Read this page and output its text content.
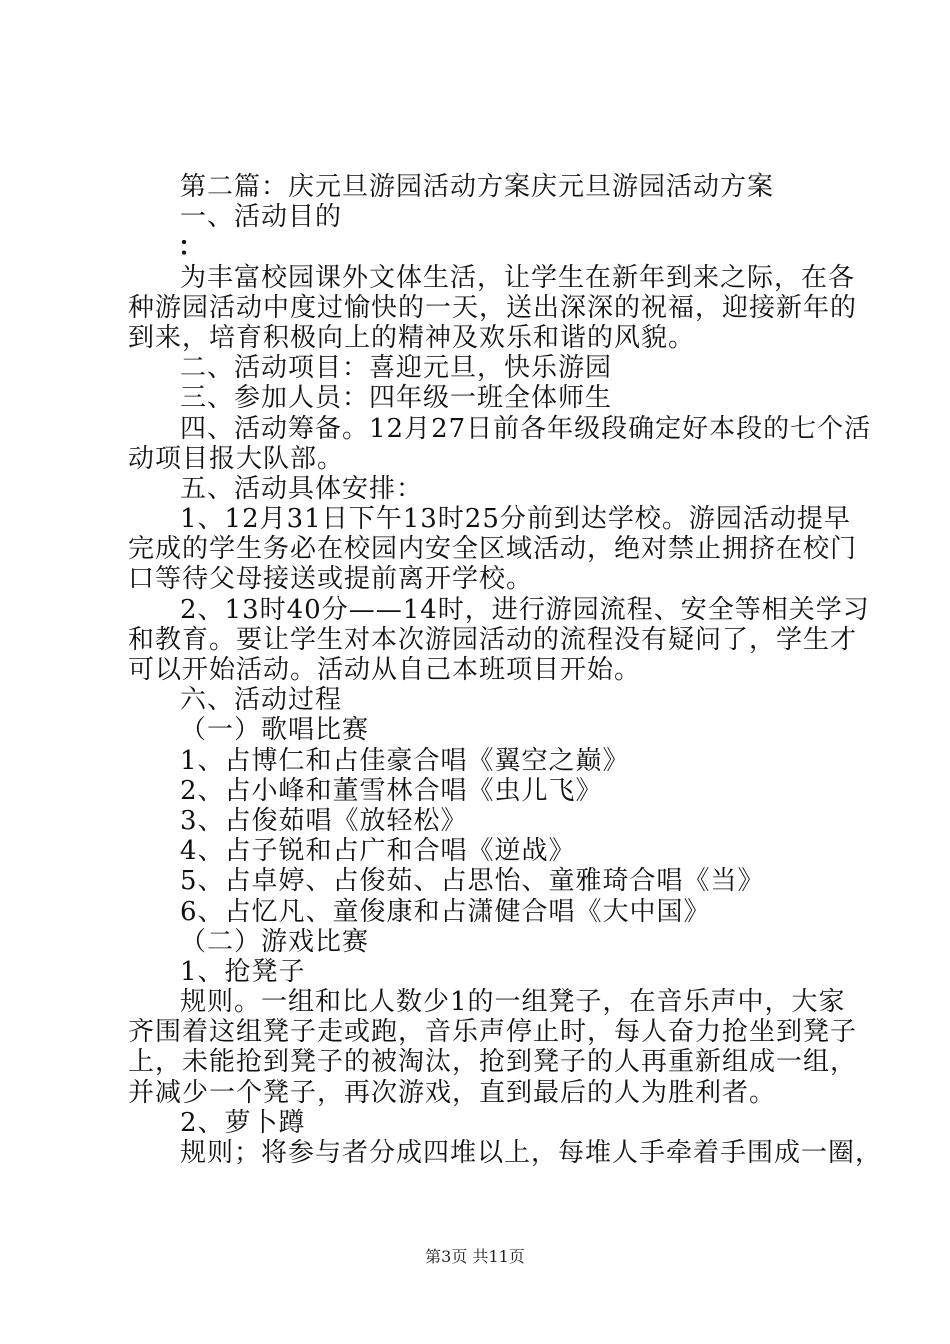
第二篇：庆元旦游园活动方案庆元旦游园活动方案
一、活动目的
：
为丰富校园课外文体生活，让学生在新年到来之际，在各
种游园活动中度过愉快的一天，送出深深的祝福，迎接新年的
到来，培育积极向上的精神及欢乐和谐的风貌。
二、活动项目：喜迎元旦，快乐游园
三、参加人员：四年级一班全体师生
四、活动筹备。12月27日前各年级段确定好本段的七个活
动项目报大队部。
五、活动具体安排：
1、12月31日下午13时25分前到达学校。游园活动提早
完成的学生务必在校园内安全区域活动，绝对禁止拥挤在校门
口等待父母接送或提前离开学校。
2、13时40分——14时，进行游园流程、安全等相关学习
和教育。要让学生对本次游园活动的流程没有疑问了，学生才
可以开始活动。活动从自己本班项目开始。
六、活动过程
（一）歌唱比赛
1、占博仁和占佳豪合唱《翼空之巅》
2、占小峰和董雪林合唱《虫儿飞》
3、占俊茹唱《放轻松》
4、占子锐和占广和合唱《逆战》
5、占卓婷、占俊茹、占思怡、童雅琦合唱《当》
6、占忆凡、童俊康和占潇健合唱《大中国》
（二）游戏比赛
1、抢凳子
规则。一组和比人数少1的一组凳子，在音乐声中，大家
齐围着这组凳子走或跑，音乐声停止时，每人奋力抢坐到凳子
上，未能抢到凳子的被淘汰，抢到凳子的人再重新组成一组，
并减少一个凳子，再次游戏，直到最后的人为胜利者。
2、萝卜蹲
规则；将参与者分成四堆以上，每堆人手牵着手围成一圈，
第3页 共11页
